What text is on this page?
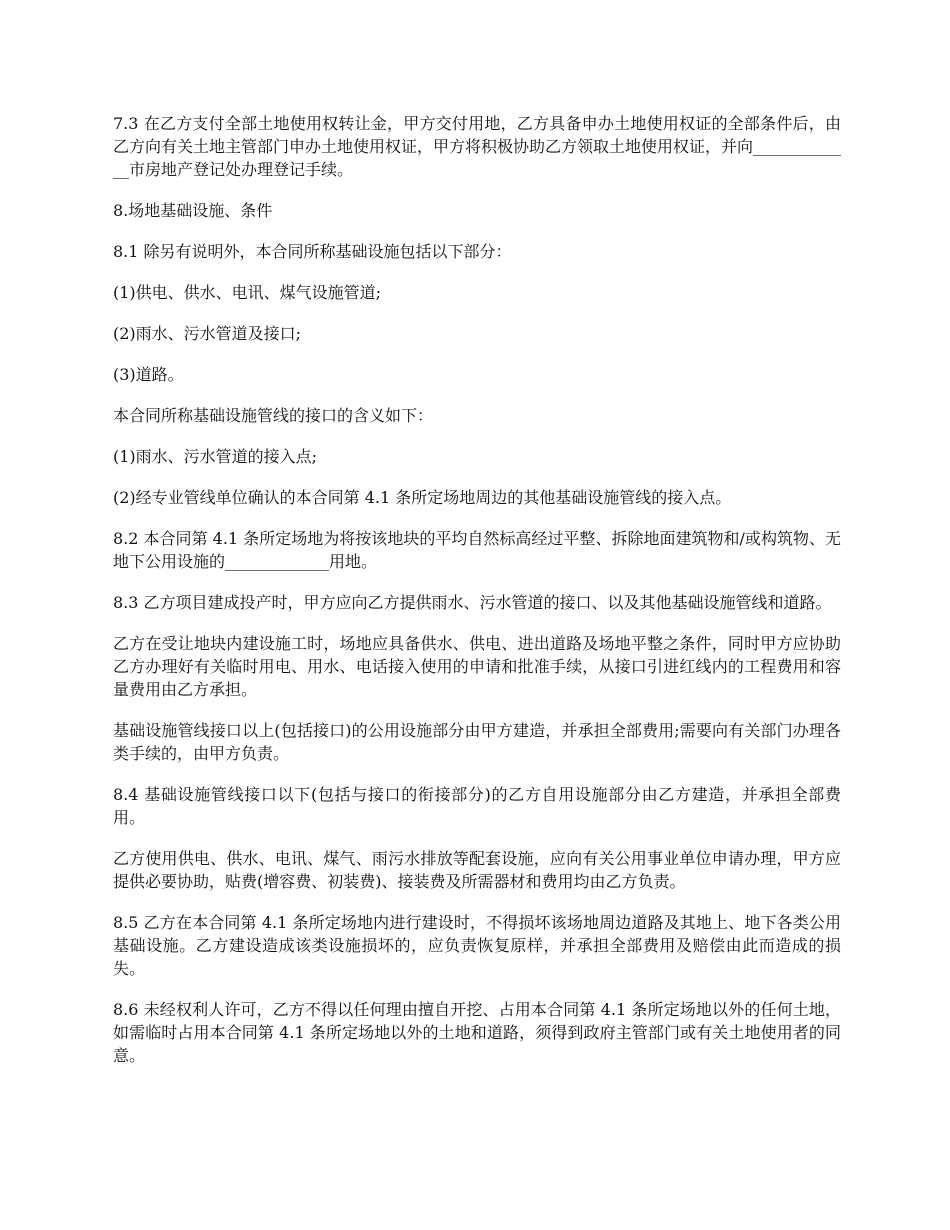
7.3 在乙方支付全部土地使用权转让金，甲方交付用地，乙方具备申办土地使用权证的全部条件后，由乙方向有关土地主管部门申办土地使用权证，甲方将积极协助乙方领取土地使用权证，并向_____________市房地产登记处办理登记手续。

8.场地基础设施、条件

8.1 除另有说明外，本合同所称基础设施包括以下部分：

(1)供电、供水、电讯、煤气设施管道;

(2)雨水、污水管道及接口;

(3)道路。

本合同所称基础设施管线的接口的含义如下：

(1)雨水、污水管道的接入点;

(2)经专业管线单位确认的本合同第 4.1 条所定场地周边的其他基础设施管线的接入点。

8.2 本合同第 4.1 条所定场地为将按该地块的平均自然标高经过平整、拆除地面建筑物和/或构筑物、无地下公用设施的_____________用地。

8.3 乙方项目建成投产时，甲方应向乙方提供雨水、污水管道的接口、以及其他基础设施管线和道路。

乙方在受让地块内建设施工时，场地应具备供水、供电、进出道路及场地平整之条件，同时甲方应协助乙方办理好有关临时用电、用水、电话接入使用的申请和批准手续，从接口引进红线内的工程费用和容量费用由乙方承担。

基础设施管线接口以上(包括接口)的公用设施部分由甲方建造，并承担全部费用;需要向有关部门办理各类手续的，由甲方负责。

8.4 基础设施管线接口以下(包括与接口的衔接部分)的乙方自用设施部分由乙方建造，并承担全部费用。

乙方使用供电、供水、电讯、煤气、雨污水排放等配套设施，应向有关公用事业单位申请办理，甲方应提供必要协助，贴费(增容费、初装费)、接装费及所需器材和费用均由乙方负责。

8.5 乙方在本合同第 4.1 条所定场地内进行建设时，不得损坏该场地周边道路及其地上、地下各类公用基础设施。乙方建设造成该类设施损坏的，应负责恢复原样，并承担全部费用及赔偿由此而造成的损失。

8.6 未经权利人许可，乙方不得以任何理由擅自开挖、占用本合同第 4.1 条所定场地以外的任何土地，如需临时占用本合同第 4.1 条所定场地以外的土地和道路，须得到政府主管部门或有关土地使用者的同意。
